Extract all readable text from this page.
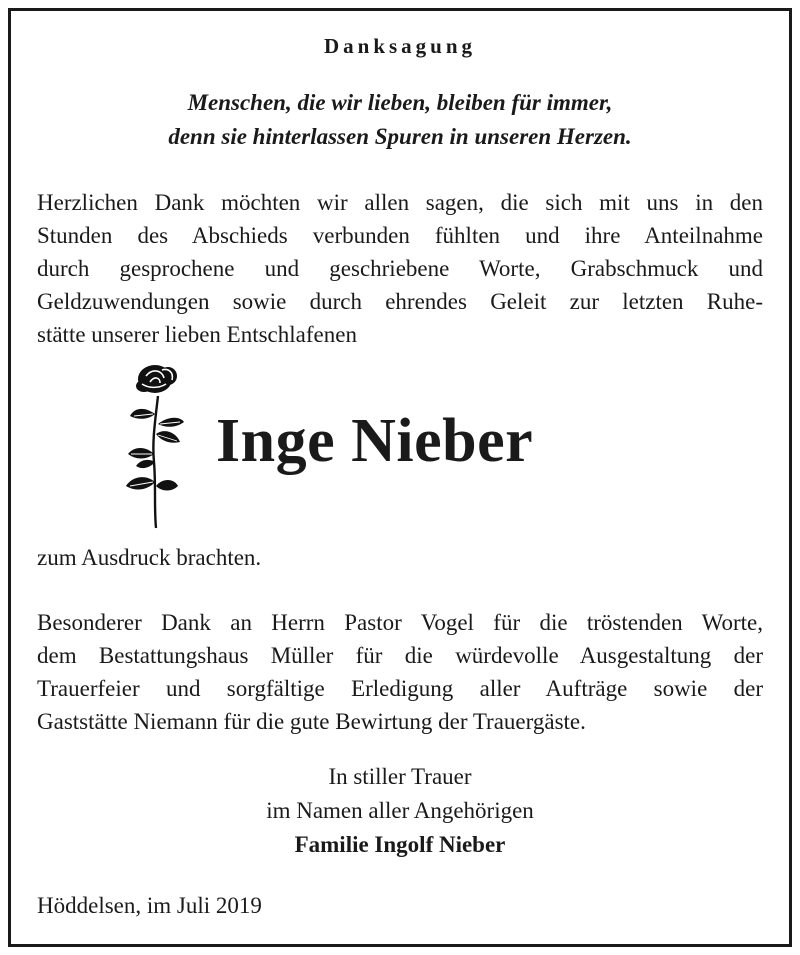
Danksagung
Menschen, die wir lieben, bleiben für immer,
denn sie hinterlassen Spuren in unseren Herzen.
Herzlichen Dank möchten wir allen sagen, die sich mit uns in den
Stunden des Abschieds verbunden fühlten und ihre Anteilnahme
durch gesprochene und geschriebene Worte, Grabschmuck und
Geldzuwendungen sowie durch ehrendes Geleit zur letzten Ruhe-
stätte unserer lieben Entschlafenen
Inge Nieber
zum Ausdruck brachten.
Besonderer Dank an Herrn Pastor Vogel für die tröstenden Worte,
dem Bestattungshaus Müller für die würdevolle Ausgestaltung der
Trauerfeier und sorgfältige Erledigung aller Aufträge sowie der
Gaststätte Niemann für die gute Bewirtung der Trauergäste.
In stiller Trauer
im Namen aller Angehörigen
Familie Ingolf Nieber
Höddelsen, im Juli 2019
